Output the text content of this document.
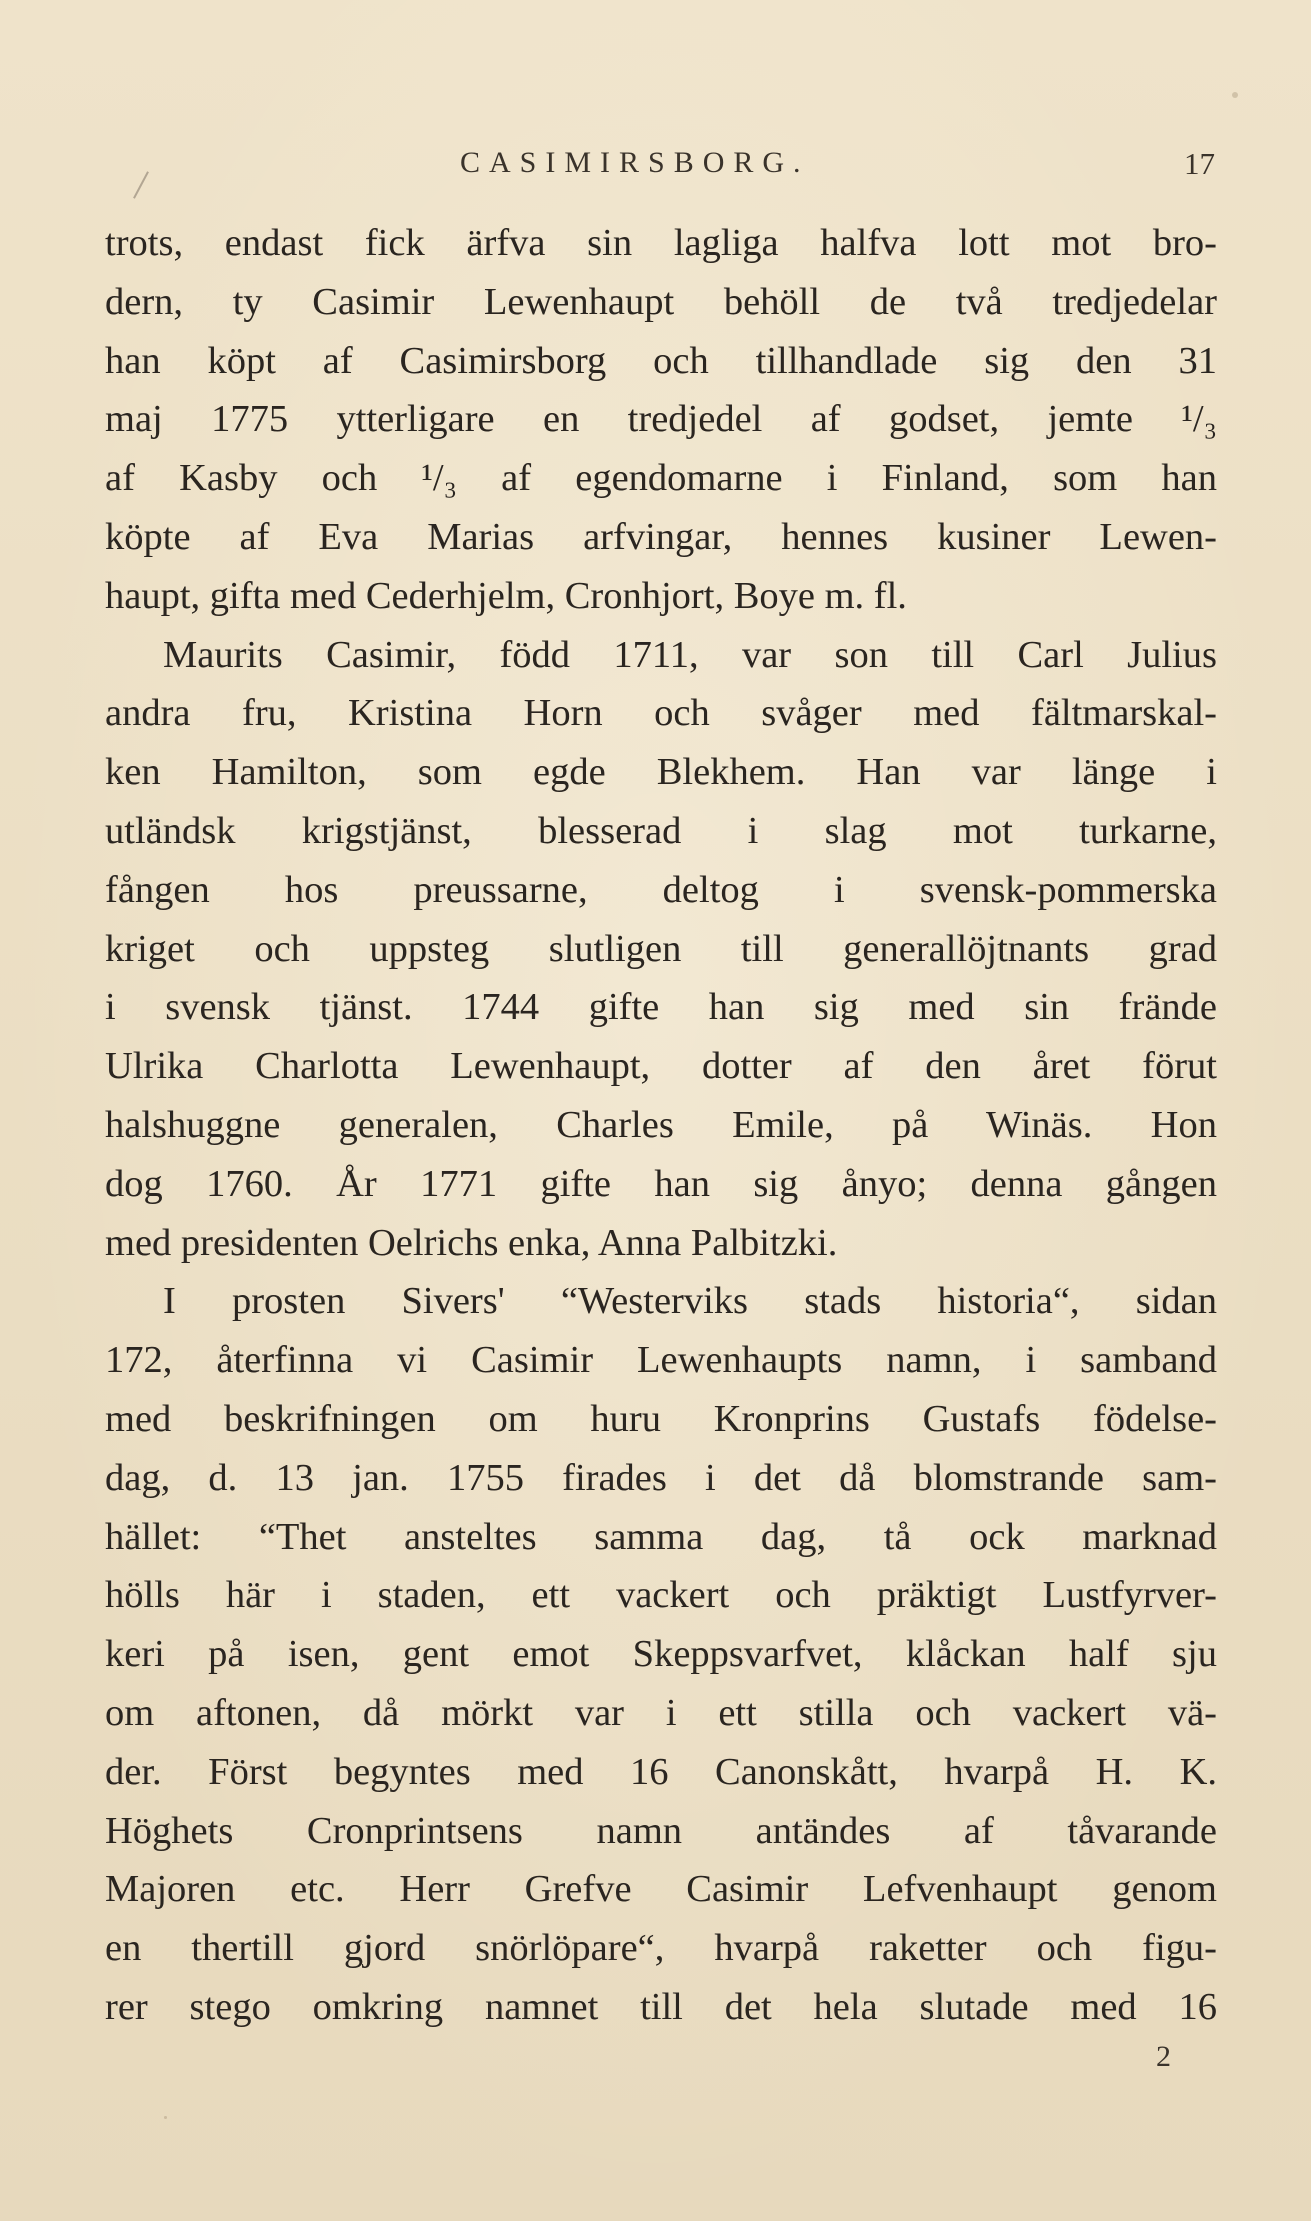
CASIMIRSBORG.	17
trots, endast fick ärfva sin lagliga halfva lott mot bro-
dern, ty Casimir Lewenhaupt behöll de två tredjedelar
han köpt af Casimirsborg och tillhandlade sig den 31
maj 1775 ytterligare en tredjedel af godset, jemte ¹/₃
af Kasby och ¹/₃ af egendomarne i Finland, som han
köpte af Eva Marias arfvingar, hennes kusiner Lewen-
haupt, gifta med Cederhjelm, Cronhjort, Boye m. fl.
Maurits Casimir, född 1711, var son till Carl Julius
andra fru, Kristina Horn och svåger med fältmarskal-
ken Hamilton, som egde Blekhem. Han var länge i
utländsk krigstjänst, blesserad i slag mot turkarne,
fången hos preussarne, deltog i svensk-pommerska
kriget och uppsteg slutligen till generallöjtnants grad
i svensk tjänst. 1744 gifte han sig med sin frände
Ulrika Charlotta Lewenhaupt, dotter af den året förut
halshuggne generalen, Charles Emile, på Winäs. Hon
dog 1760. År 1771 gifte han sig ånyo; denna gången
med presidenten Oelrichs enka, Anna Palbitzki.
I prosten Sivers' “Westerviks stads historia“, sidan
172, återfinna vi Casimir Lewenhaupts namn, i samband
med beskrifningen om huru Kronprins Gustafs födelse-
dag, d. 13 jan. 1755 firades i det då blomstrande sam-
hället: “Thet ansteltes samma dag, tå ock marknad
hölls här i staden, ett vackert och präktigt Lustfyrver-
keri på isen, gent emot Skeppsvarfvet, klåckan half sju
om aftonen, då mörkt var i ett stilla och vackert vä-
der. Först begyntes med 16 Canonskått, hvarpå H. K.
Höghets Cronprintsens namn antändes af tåvarande
Majoren etc. Herr Grefve Casimir Lefvenhaupt genom
en thertill gjord snörlöpare“, hvarpå raketter och figu-
rer stego omkring namnet till det hela slutade med 16
2
